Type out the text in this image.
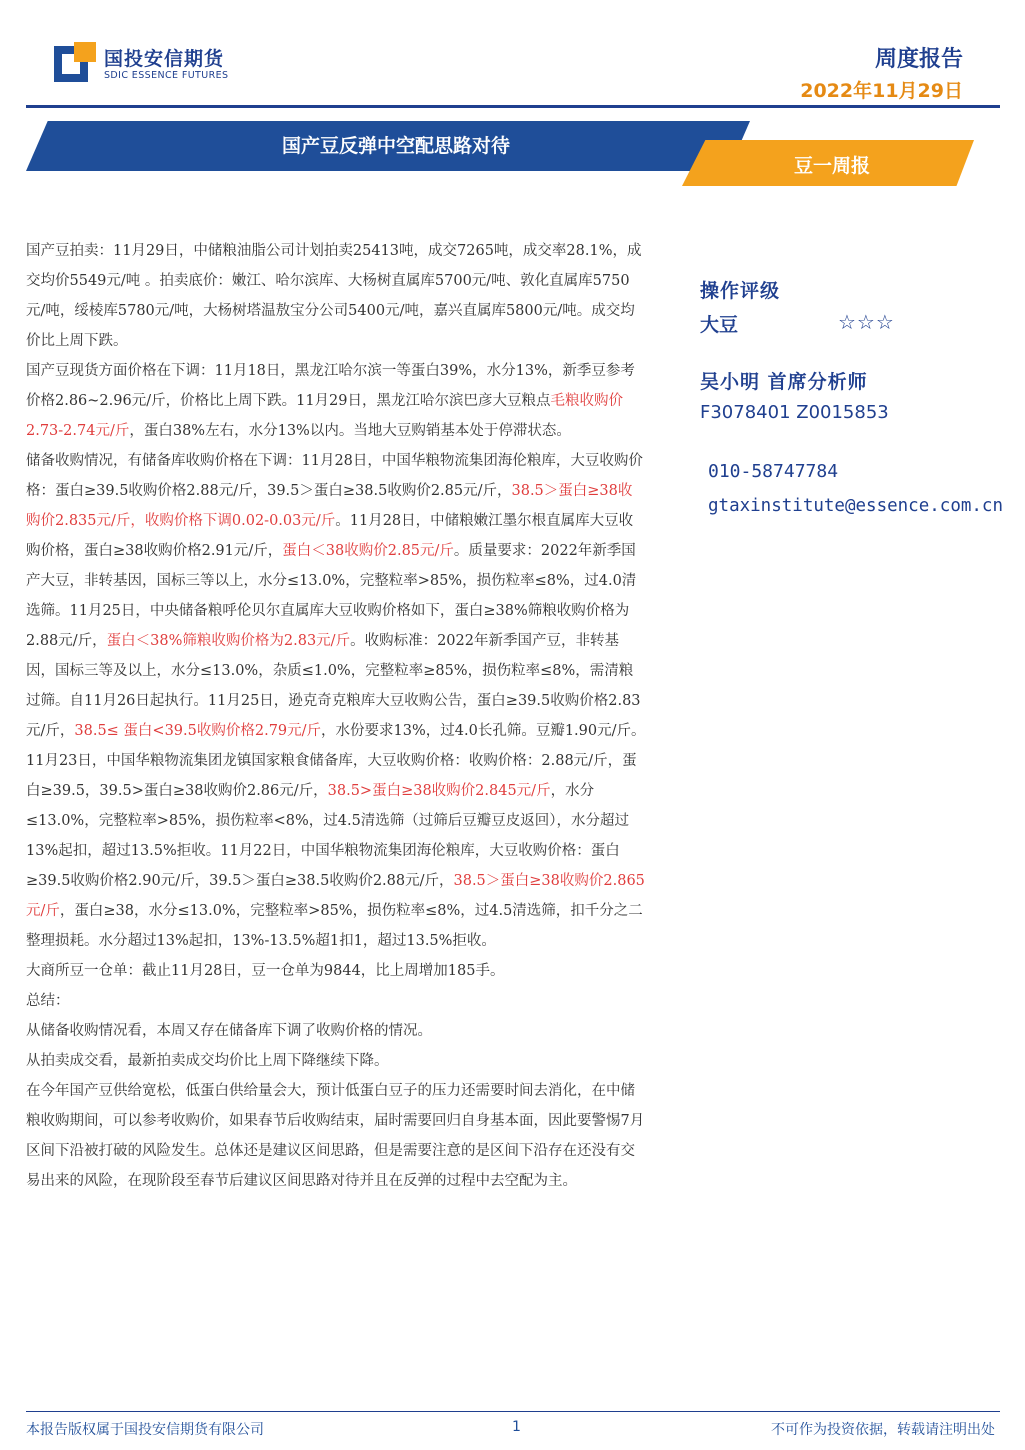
国投安信期货
SDIC ESSENCE FUTURES
周度报告
2022年11月29日
国产豆反弹中空配思路对待
豆一周报

国产豆拍卖：11月29日，中储粮油脂公司计划拍卖25413吨，成交7265吨，成交率28.1%，成交均价5549元/吨 。拍卖底价：嫩江、哈尔滨库、大杨树直属库5700元/吨、敦化直属库5750元/吨，绥棱库5780元/吨，大杨树塔温敖宝分公司5400元/吨，嘉兴直属库5800元/吨。成交均价比上周下跌。

国产豆现货方面价格在下调：11月18日，黑龙江哈尔滨一等蛋白39%，水分13%，新季豆参考价格2.86~2.96元/斤，价格比上周下跌。11月29日，黑龙江哈尔滨巴彦大豆粮点毛粮收购价2.73-2.74元/斤，蛋白38%左右，水分13%以内。当地大豆购销基本处于停滞状态。

储备收购情况，有储备库收购价格在下调：11月28日，中国华粮物流集团海伦粮库，大豆收购价格：蛋白≥39.5收购价格2.88元/斤，39.5＞蛋白≥38.5收购价2.85元/斤，38.5＞蛋白≥38收购价2.835元/斤，收购价格下调0.02-0.03元/斤。11月28日，中储粮嫩江墨尔根直属库大豆收购价格，蛋白≥38收购价格2.91元/斤，蛋白＜38收购价2.85元/斤。质量要求：2022年新季国产大豆，非转基因，国标三等以上，水分≤13.0%，完整粒率>85%，损伤粒率≤8%，过4.0清选筛。11月25日，中央储备粮呼伦贝尔直属库大豆收购价格如下，蛋白≥38%筛粮收购价格为2.88元/斤，蛋白＜38%筛粮收购价格为2.83元/斤。收购标准：2022年新季国产豆，非转基因，国标三等及以上，水分≤13.0%，杂质≤1.0%，完整粒率≥85%，损伤粒率≤8%，需清粮过筛。自11月26日起执行。11月25日，逊克奇克粮库大豆收购公告，蛋白≥39.5收购价格2.83元/斤，38.5≤ 蛋白<39.5收购价格2.79元/斤，水份要求13%，过4.0长孔筛。豆瓣1.90元/斤。11月23日，中国华粮物流集团龙镇国家粮食储备库，大豆收购价格：收购价格：2.88元/斤，蛋白≥39.5，39.5>蛋白≥38收购价2.86元/斤，38.5>蛋白≥38收购价2.845元/斤，水分≤13.0%，完整粒率>85%，损伤粒率<8%，过4.5清选筛（过筛后豆瓣豆皮返回），水分超过13%起扣，超过13.5%拒收。11月22日，中国华粮物流集团海伦粮库，大豆收购价格：蛋白≥39.5收购价格2.90元/斤，39.5＞蛋白≥38.5收购价2.88元/斤，38.5＞蛋白≥38收购价2.865元/斤，蛋白≥38，水分≤13.0%，完整粒率>85%，损伤粒率≤8%，过4.5清选筛，扣千分之二整理损耗。水分超过13%起扣，13%-13.5%超1扣1，超过13.5%拒收。

大商所豆一仓单：截止11月28日，豆一仓单为9844，比上周增加185手。

总结：

从储备收购情况看，本周又存在储备库下调了收购价格的情况。

从拍卖成交看，最新拍卖成交均价比上周下降继续下降。

在今年国产豆供给宽松，低蛋白供给量会大，预计低蛋白豆子的压力还需要时间去消化，在中储粮收购期间，可以参考收购价，如果春节后收购结束，届时需要回归自身基本面，因此要警惕7月区间下沿被打破的风险发生。总体还是建议区间思路，但是需要注意的是区间下沿存在还没有交易出来的风险，在现阶段至春节后建议区间思路对待并且在反弹的过程中去空配为主。

操作评级
大豆	☆☆☆
吴小明 首席分析师
F3078401 Z0015853
010-58747784
gtaxinstitute@essence.com.cn
本报告版权属于国投安信期货有限公司	1	不可作为投资依据，转载请注明出处
